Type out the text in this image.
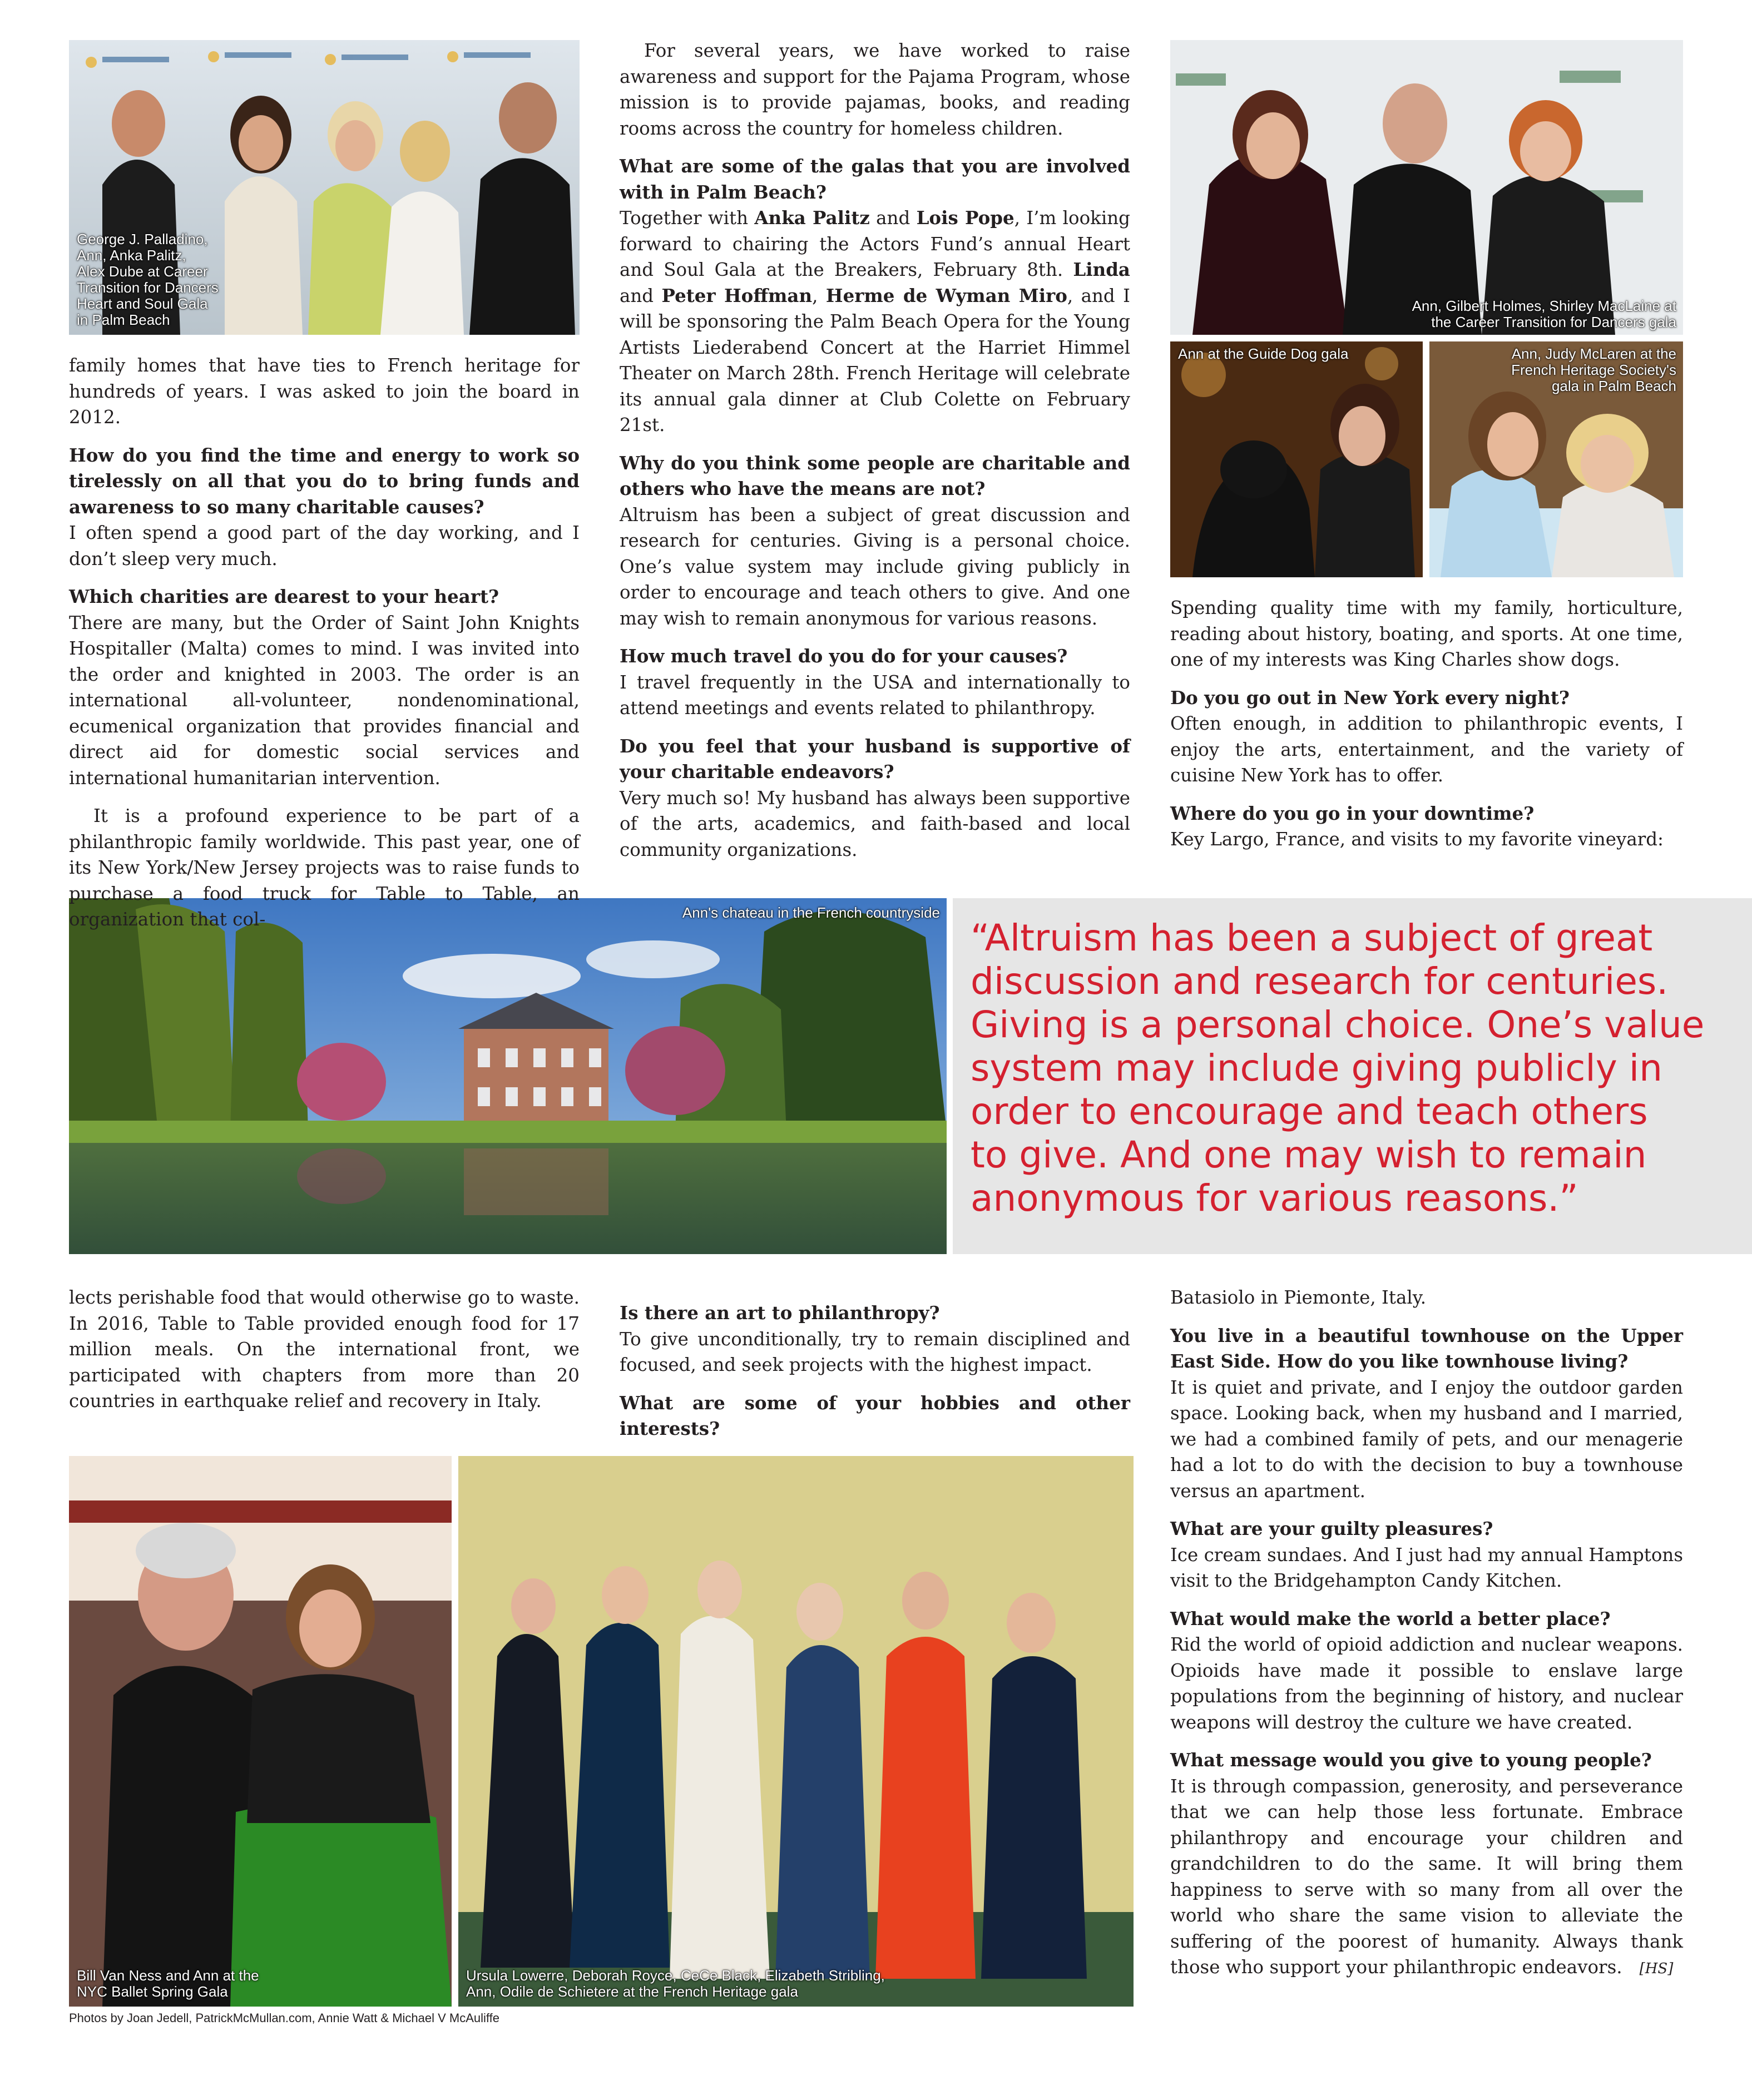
George J. Palladino,
Ann, Anka Palitz,
Alex Dube at Career
Transition for Dancers
Heart and Soul Gala
in Palm Beach
Ann, Gilbert Holmes, Shirley MacLaine at
the Career Transition for Dancers gala
Ann at the Guide Dog gala	Ann, Judy McLaren at the
French Heritage Society's
gala in Palm Beach
Ann's chateau in the French countryside
“Altruism has been a subject of great
discussion and research for centuries.
Giving is a personal choice. One’s value
system may include giving publicly in
order to encourage and teach others
to give. And one may wish to remain
anonymous for various reasons.”
Bill Van Ness and Ann at the
NYC Ballet Spring Gala
Ursula Lowerre, Deborah Royce, CeCe Black, Elizabeth Stribling,
Ann, Odile de Schietere at the French Heritage gala
Photos by Joan Jedell, PatrickMcMullan.com, Annie Watt & Michael V McAuliffe

family homes that have ties to French heritage for hundreds of years. I was asked to join the board in 2012.

How do you find the time and energy to work so tirelessly on all that you do to bring funds and awareness to so many charitable causes?

I often spend a good part of the day working, and I don’t sleep very much.

Which charities are dearest to your heart?

There are many, but the Order of Saint John Knights Hospitaller (Malta) comes to mind. I was invited into the order and knighted in 2003. The order is an international all-volunteer, nondenominational, ecumenical organization that provides financial and direct aid for domestic social services and international humanitarian intervention.

It is a profound experience to be part of a philanthropic family worldwide. This past year, one of its New York/New Jersey projects was to raise funds to purchase a food truck for Table to Table, an organization that col-

For several years, we have worked to raise awareness and support for the Pajama Program, whose mission is to provide pajamas, books, and reading rooms across the country for homeless children.

What are some of the galas that you are involved with in Palm Beach?

Together with Anka Palitz and Lois Pope, I’m looking forward to chairing the Actors Fund’s annual Heart and Soul Gala at the Breakers, February 8th. Linda and Peter Hoffman, Herme de Wyman Miro, and I will be sponsoring the Palm Beach Opera for the Young Artists Liederabend Concert at the Harriet Himmel Theater on March 28th. French Heritage will celebrate its annual gala dinner at Club Colette on February 21st.

Why do you think some people are charitable and others who have the means are not?

Altruism has been a subject of great discussion and research for centuries. Giving is a personal choice. One’s value system may include giving publicly in order to encourage and teach others to give. And one may wish to remain anonymous for various reasons.

How much travel do you do for your causes?

I travel frequently in the USA and internationally to attend meetings and events related to philanthropy.

Do you feel that your husband is supportive of your charitable endeavors?

Very much so! My husband has always been supportive of the arts, academics, and faith-based and local community organizations.

Spending quality time with my family, horticulture, reading about history, boating, and sports. At one time, one of my interests was King Charles show dogs.

Do you go out in New York every night?

Often enough, in addition to philanthropic events, I enjoy the arts, entertainment, and the variety of cuisine New York has to offer.

Where do you go in your downtime?

Key Largo, France, and visits to my favorite vineyard:

lects perishable food that would otherwise go to waste. In 2016, Table to Table provided enough food for 17 million meals. On the international front, we participated with chapters from more than 20 countries in earthquake relief and recovery in Italy.

Is there an art to philanthropy?

To give unconditionally, try to remain disciplined and focused, and seek projects with the highest impact.

What are some of your hobbies and other interests?

Batasiolo in Piemonte, Italy.

You live in a beautiful townhouse on the Upper East Side. How do you like townhouse living?

It is quiet and private, and I enjoy the outdoor garden space. Looking back, when my husband and I married, we had a combined family of pets, and our menagerie had a lot to do with the decision to buy a townhouse versus an apartment.

What are your guilty pleasures?

Ice cream sundaes. And I just had my annual Hamptons visit to the Bridgehampton Candy Kitchen.

What would make the world a better place?

Rid the world of opioid addiction and nuclear weapons. Opioids have made it possible to enslave large populations from the beginning of history, and nuclear weapons will destroy the culture we have created.

What message would you give to young people?

It is through compassion, generosity, and perseverance that we can help those less fortunate. Embrace philanthropy and encourage your children and grandchildren to do the same. It will bring them happiness to serve with so many from all over the world who share the same vision to alleviate the suffering of the poorest of humanity. Always thank those who support your philanthropic endeavors. [HS]
